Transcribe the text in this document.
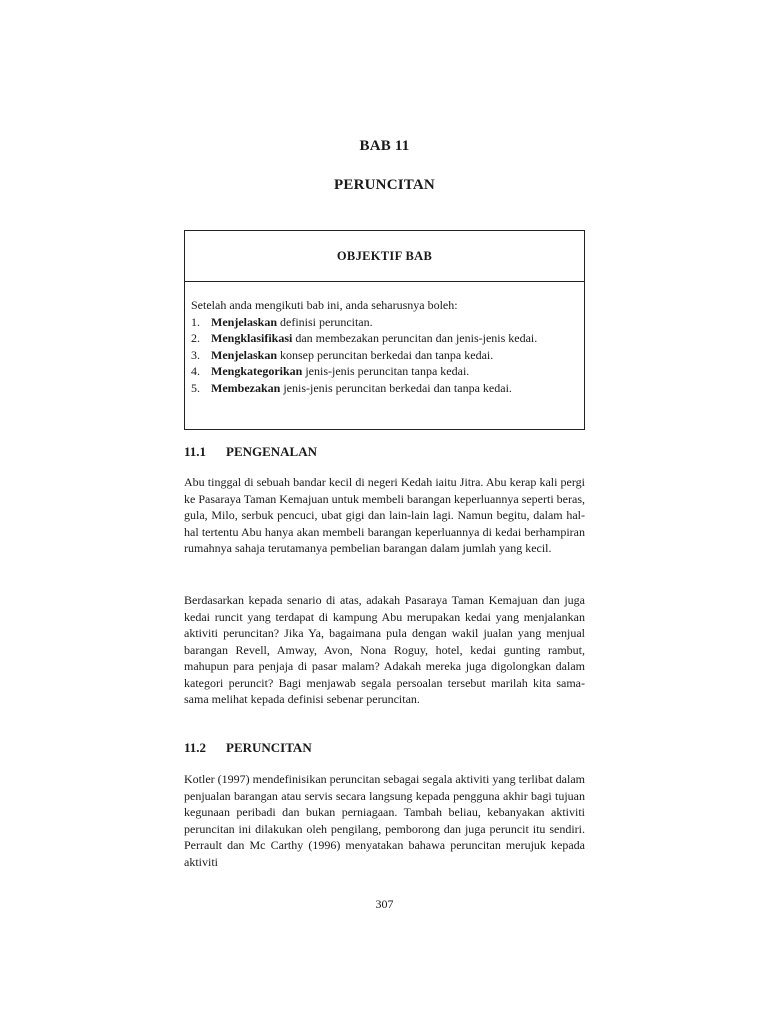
BAB 11
PERUNCITAN
OBJEKTIF BAB

Setelah anda mengikuti bab ini, anda seharusnya boleh:

1. Menjelaskan definisi peruncitan.
2. Mengklasifikasi dan membezakan peruncitan dan jenis-jenis kedai.
3. Menjelaskan konsep peruncitan berkedai dan tanpa kedai.
4. Mengkategorikan jenis-jenis peruncitan tanpa kedai.
5. Membezakan jenis-jenis peruncitan berkedai dan tanpa kedai.
11.1 PENGENALAN

Abu tinggal di sebuah bandar kecil di negeri Kedah iaitu Jitra. Abu kerap kali pergi ke Pasaraya Taman Kemajuan untuk membeli barangan keperluannya seperti beras, gula, Milo, serbuk pencuci, ubat gigi dan lain-lain lagi. Namun begitu, dalam hal-hal tertentu Abu hanya akan membeli barangan keperluannya di kedai berhampiran rumahnya sahaja terutamanya pembelian barangan dalam jumlah yang kecil.

Berdasarkan kepada senario di atas, adakah Pasaraya Taman Kemajuan dan juga kedai runcit yang terdapat di kampung Abu merupakan kedai yang menjalankan aktiviti peruncitan? Jika Ya, bagaimana pula dengan wakil jualan yang menjual barangan Revell, Amway, Avon, Nona Roguy, hotel, kedai gunting rambut, mahupun para penjaja di pasar malam? Adakah mereka juga digolongkan dalam kategori peruncit? Bagi menjawab segala persoalan tersebut marilah kita sama-sama melihat kepada definisi sebenar peruncitan.

11.2 PERUNCITAN

Kotler (1997) mendefinisikan peruncitan sebagai segala aktiviti yang terlibat dalam penjualan barangan atau servis secara langsung kepada pengguna akhir bagi tujuan kegunaan peribadi dan bukan perniagaan. Tambah beliau, kebanyakan aktiviti peruncitan ini dilakukan oleh pengilang, pemborong dan juga peruncit itu sendiri. Perrault dan Mc Carthy (1996) menyatakan bahawa peruncitan merujuk kepada aktiviti

307
